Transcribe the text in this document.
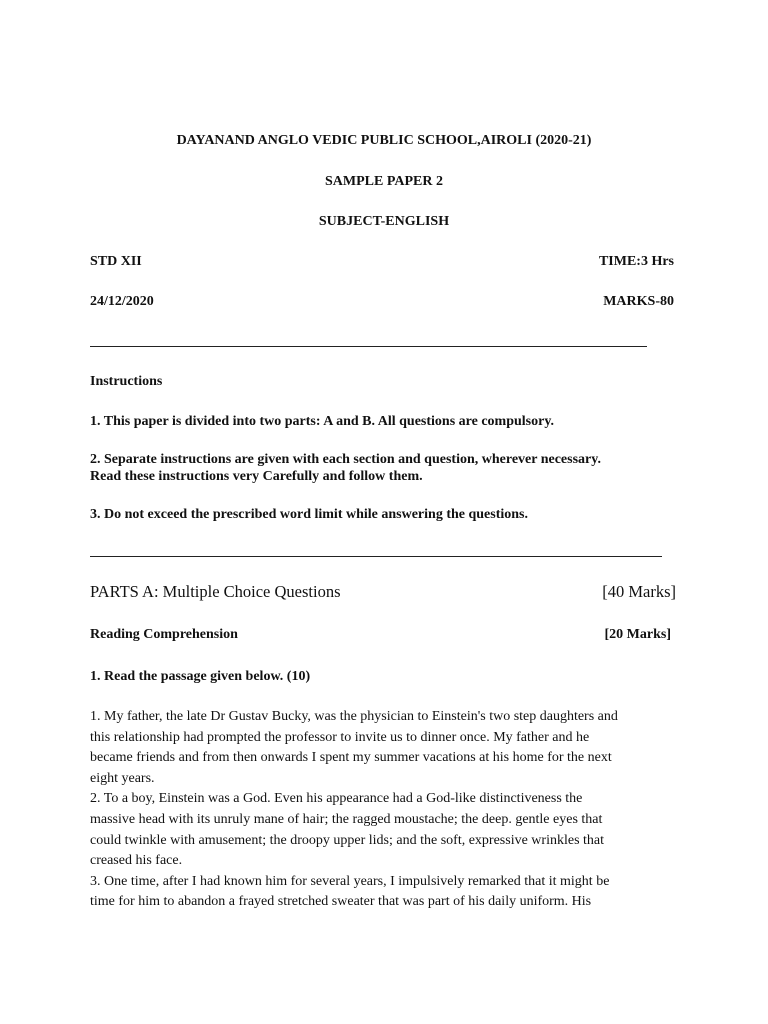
DAYANAND ANGLO VEDIC PUBLIC SCHOOL,AIROLI (2020-21)
SAMPLE PAPER 2
SUBJECT-ENGLISH
STD XII	TIME:3 Hrs
24/12/2020	MARKS-80
Instructions
1. This paper is divided into two parts: A and B. All questions are compulsory.
2. Separate instructions are given with each section and question, wherever necessary.
Read these instructions very Carefully and follow them.
3. Do not exceed the prescribed word limit while answering the questions.
PARTS A: Multiple Choice Questions	[40 Marks]
Reading Comprehension	[20 Marks]
1. Read the passage given below. (10)

1. My father, the late Dr Gustav Bucky, was the physician to Einstein's two step daughters and

this relationship had prompted the professor to invite us to dinner once. My father and he

became friends and from then onwards I spent my summer vacations at his home for the next

eight years.

2. To a boy, Einstein was a God. Even his appearance had a God-like distinctiveness the

massive head with its unruly mane of hair; the ragged moustache; the deep. gentle eyes that

could twinkle with amusement; the droopy upper lids; and the soft, expressive wrinkles that

creased his face.

3. One time, after I had known him for several years, I impulsively remarked that it might be

time for him to abandon a frayed stretched sweater that was part of his daily uniform. His
